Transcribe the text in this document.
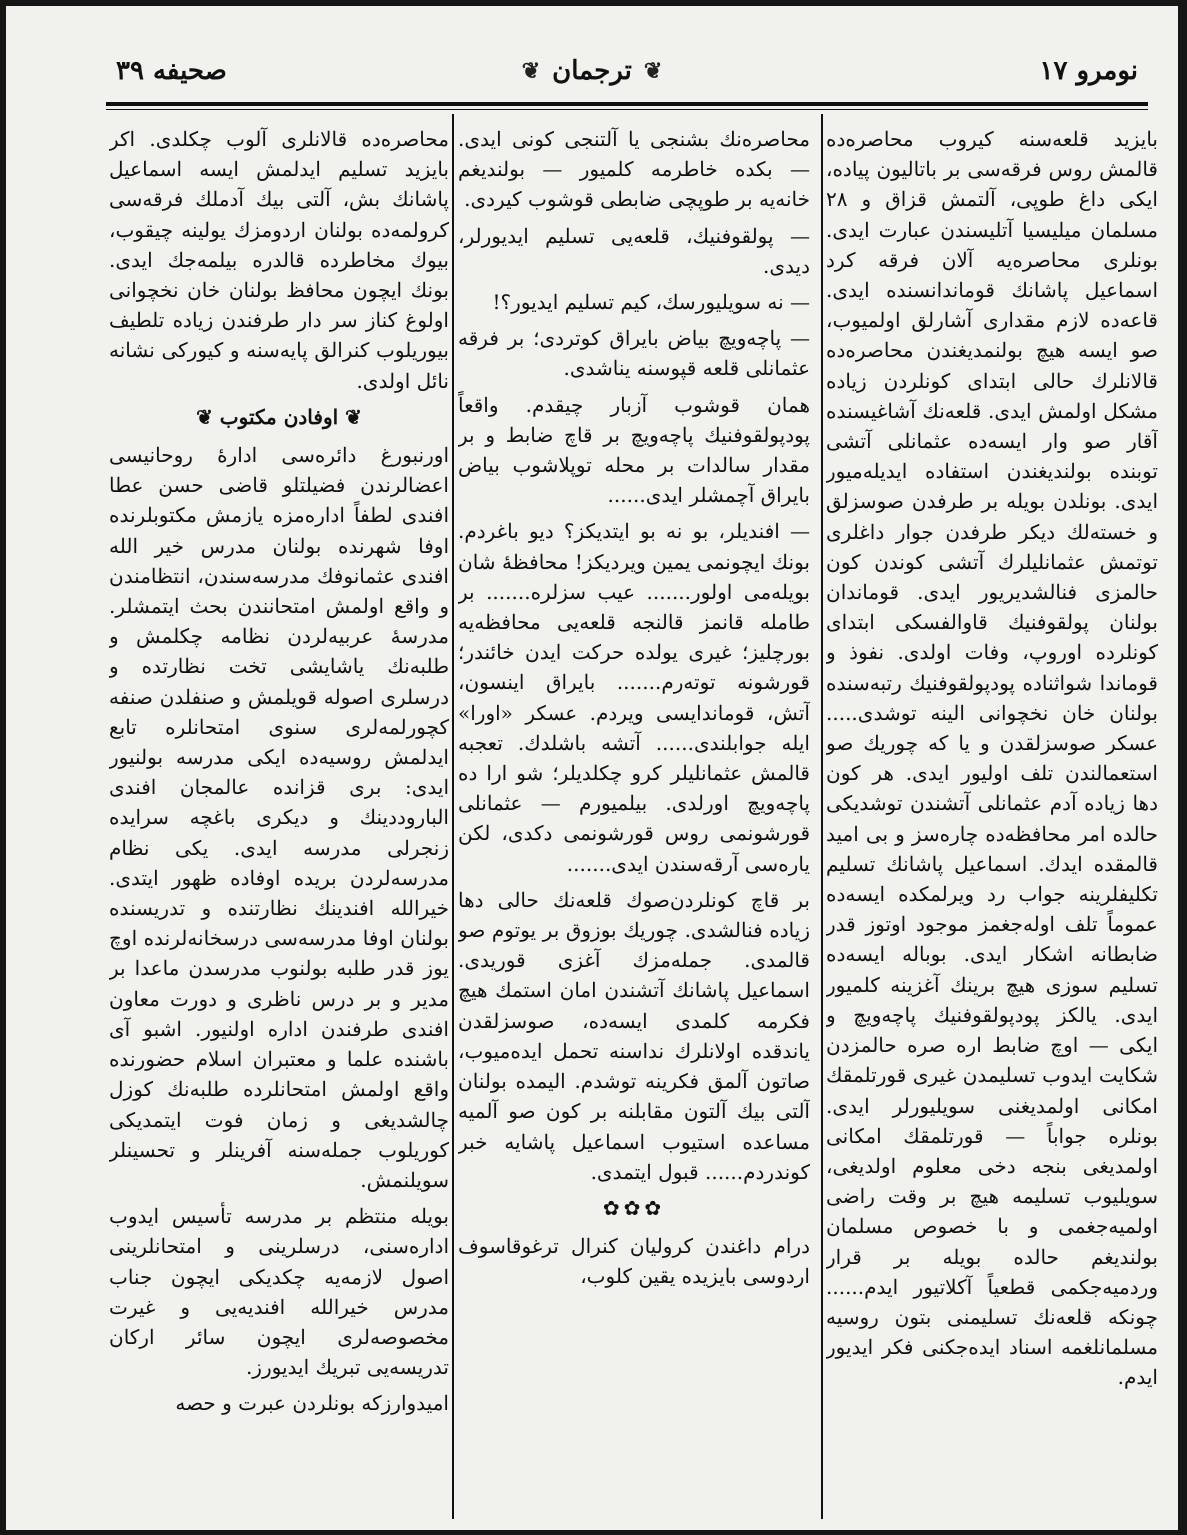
نومرو ١٧
❦ ترجمان ❦
صحیفه ٣٩

بایزید قلعه‌سنه کیروب محاصره‌ده قالمش روس فرقه‌سی بر باتالیون پیاده، ایکی داغ طوپی، آلتمش قزاق و ٢٨ مسلمان میلیسیا آتلیسندن عبارت ایدی. بونلری محاصره‌یه آلان فرقه کرد اسماعیل پاشانك قوماندانسنده ایدی. قاعه‌ده لازم مقداری آشارلق اولمیوب، صو ایسه هیچ بولنمدیغندن محاصره‌ده قالانلرك حالی ابتدای کونلردن زیاده مشکل اولمش ایدی. قلعه‌نك آشاغیسنده آقار صو وار ایسه‌ده عثمانلی آتشی توبنده بولندیغندن استفاده ایدیله‌میور ایدی. بونلدن بویله بر طرفدن صوسزلق و خسته‌لك دیکر طرفدن جوار داغلری توتمش عثمانلیلرك آتشی کوندن کون حالمزی فنالشدیریور ایدی. قوماندان بولنان پولقوفنیك قاوالفسکی ابتدای کونلرده اوروپ، وفات اولدی. نفوذ و قوماندا شواثناده پودپولقوفنیك رتبه‌سنده بولنان خان نخچوانی الینه توشدی..... عسکر صوسزلقدن و یا که چوریك صو استعمالندن تلف اولیور ایدی. هر کون دها زیاده آدم عثمانلی آتشندن توشدیکی حالده امر محافظه‌ده چاره‌سز و بی امید قالمقده ایدك. اسماعیل پاشانك تسلیم تکلیفلرینه جواب رد ویرلمکده ایسه‌ده عموماً تلف اوله‌جغمز موجود اوتوز قدر ضابطانه اشکار ایدی. بوباله ایسه‌ده تسلیم سوزی هیچ برینك آغزینه کلمیور ایدی. یالکز پودپولقوفنیك پاچه‌ویچ و ایکی — اوچ ضابط اره صره حالمزدن شکایت ایدوب تسلیمدن غیری قورتلمقك امکانی اولمدیغنی سویلیورلر ایدی. بونلره جواباً — قورتلمقك امکانی اولمدیغی بنجه دخی معلوم اولدیغی، سویلیوب تسلیمه هیچ بر وقت راضی اولمیه‌جغمی و با خصوص مسلمان بولندیغم حالده بویله بر قرار وردمیه‌جکمی قطعیاً آکلاتیور ایدم...... چونکه قلعه‌نك تسلیمنی بتون روسیه مسلمانلغمه اسناد ایده‌جکنی فکر ایدیور ایدم.

محاصره‌نك بشنجی یا آلتنجی کونی ایدی. — بکده خاطرمه کلمیور — بولندیغم خانه‌یه بر طوپچی ضابطی قوشوب کیردی.

— پولقوفنیك، قلعه‌یی تسلیم ایدیورلر، دیدی.

— نه سویلیورسك، کیم تسلیم ایدیور؟!

— پاچه‌ویچ بیاض بایراق کوتردی؛ بر فرقه عثمانلی قلعه قپوسنه یناشدی.

همان قوشوب آزبار چیقدم. واقعاً پودپولقوفنیك پاچه‌ویچ بر قاچ ضابط و بر مقدار سالدات بر محله توپلاشوب بیاض بایراق آچمشلر ایدی......

— افندیلر، بو نه بو ایتدیکز؟ دیو باغردم. بونك ایچونمی یمین ویردیکز! محافظهٔ شان بویله‌می اولور....... عیب سزلره....... بر طامله قانمز قالنجه قلعه‌یی محافظه‌یه بورچلیز؛ غیری یولده حرکت ایدن خائندر؛ قورشونه توته‌رم....... بایراق اینسون، آتش، قوماندایسی ویردم. عسکر «اورا» ایله جوابلندی...... آتشه باشلدك. تعجبه قالمش عثمانلیلر کرو چکلدیلر؛ شو ارا ده پاچه‌ویچ اورلدی. بیلمیورم — عثمانلی قورشونمی روس قورشونمی دکدی، لکن یاره‌سی آرقه‌سندن ایدی.......

بر قاچ کونلردن‌صوك قلعه‌نك حالی دها زیاده فنالشدی. چوریك بوزوق بر یوتوم صو قالمدی. جمله‌مزك آغزی قوریدی. اسماعیل پاشانك آتشندن امان استمك هیچ فکرمه کلمدی ایسه‌ده، صوسزلقدن یاندقده اولانلرك نداسنه تحمل ایده‌میوب، صاتون آلمق فکرینه توشدم. الیمده بولنان آلتی بیك آلتون مقابلنه بر کون صو آلمیه مساعده استیوب اسماعیل پاشایه خبر کوندردم...... قبول ایتمدی.

✿✿✿

درام داغندن کرولیان کنرال ترغوقاسوف اردوسی بایزیده یقین کلوب،

محاصره‌ده قالانلری آلوب چکلدی. اکر بایزید تسلیم ایدلمش ایسه اسماعیل پاشانك بش، آلتی بیك آدملك فرقه‌سی کرولمه‌ده بولنان اردومزك یولینه چیقوب، بیوك مخاطرده قالدره بیلمه‌جك ایدی. بونك ایچون محافظ بولنان خان نخچوانی اولوغ کناز سر دار طرفندن زیاده تلطیف بیوریلوب کنرالق پایه‌سنه و کیورکی نشانه نائل اولدی.

❦ اوفادن مکتوب ❦

اورنبورغ دائره‌سی ادارهٔ روحانیسی اعضالرندن فضیلتلو قاضی حسن عطا افندی لطفاً اداره‌مزه یازمش مکتوبلرنده اوفا شهرنده بولنان مدرس خیر الله افندی عثمانوفك مدرسه‌سندن، انتظامندن و واقع اولمش امتحانندن بحث ایتمشلر. مدرسهٔ عربیه‌لردن نظامه چکلمش و طلبه‌نك یاشایشی تخت نظارتده و درسلری اصوله قویلمش و صنفلدن صنفه کچورلمه‌لری سنوی امتحانلره تابع ایدلمش روسیه‌ده ایکی مدرسه بولنیور ایدی: بری قزانده عالمجان افندی الباروددینك و دیکری باغچه سرایده زنجرلی مدرسه ایدی. یکی نظام مدرسه‌لردن بریده اوفاده ظهور ایتدی. خیرالله افندینك نظارتنده و تدریسنده بولنان اوفا مدرسه‌سی درسخانه‌لرنده اوچ یوز قدر طلبه بولنوب مدرسدن ماعدا بر مدیر و بر درس ناظری و دورت معاون افندی طرفندن اداره اولنیور. اشبو آی باشنده علما و معتبران اسلام حضورنده واقع اولمش امتحانلرده طلبه‌نك کوزل چالشدیغی و زمان فوت ایتمدیکی کوریلوب جمله‌سنه آفرینلر و تحسینلر سویلنمش.

بویله منتظم بر مدرسه تأسیس ایدوب اداره‌سنی، درسلرینی و امتحانلرینی اصول لازمه‌یه چکدیکی ایچون جناب مدرس خیرالله افندیه‌یی و غیرت مخصوصه‌لری ایچون سائر ارکان تدریسه‌یی تبریك ایدیورز.

امیدوارزکه بونلردن عبرت و حصه
